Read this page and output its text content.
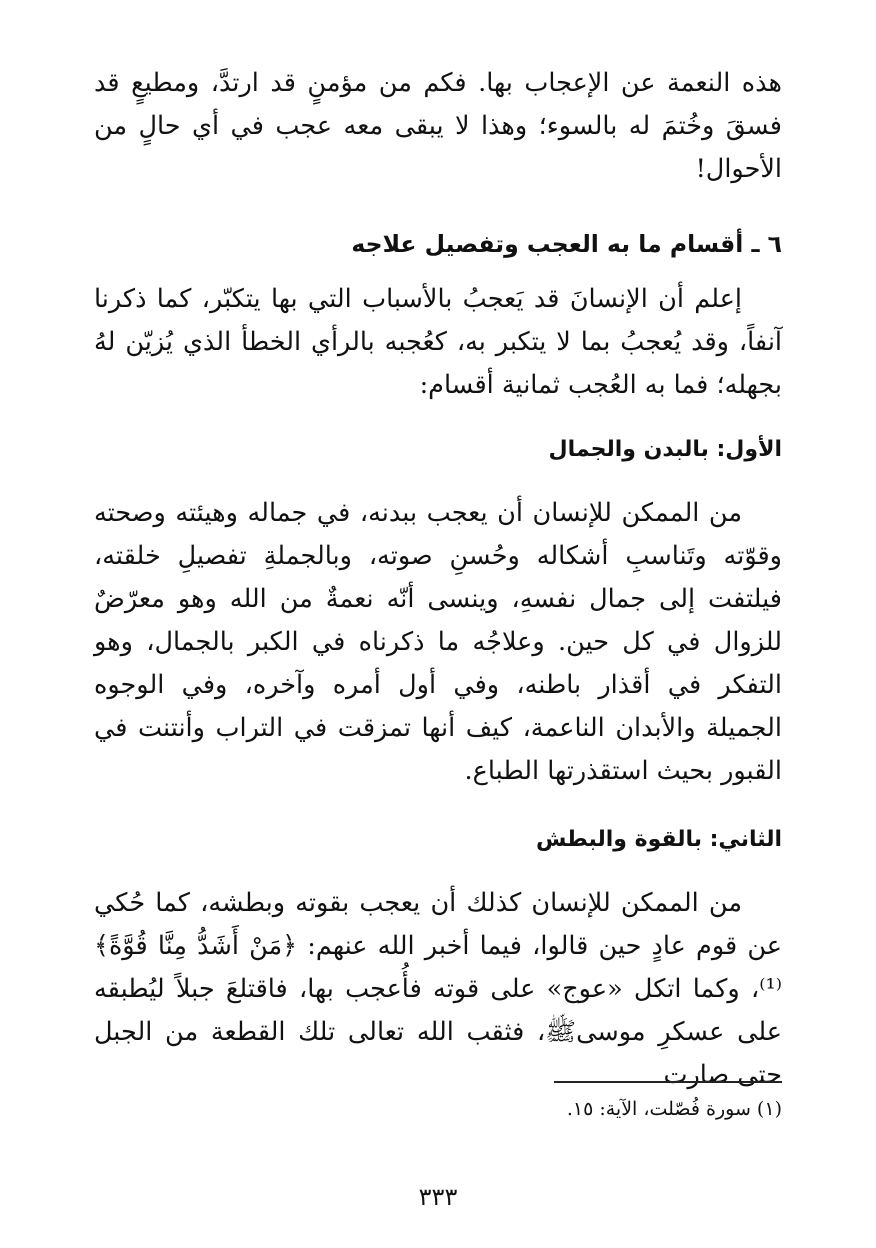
هذه النعمة عن الإعجاب بها. فكم من مؤمنٍ قد ارتدَّ، ومطيعٍ قد فسقَ وخُتمَ له بالسوء؛ وهذا لا يبقى معه عجب في أي حالٍ من الأحوال!

٦ ـ أقسام ما به العجب وتفصيل علاجه

إعلم أن الإنسانَ قد يَعجبُ بالأسباب التي بها يتكبّر، كما ذكرنا آنفاً، وقد يُعجبُ بما لا يتكبر به، كعُجبه بالرأي الخطأ الذي يُزيّن لهُ بجهله؛ فما به العُجب ثمانية أقسام:

الأول: بالبدن والجمال

من الممكن للإنسان أن يعجب ببدنه، في جماله وهيئته وصحته وقوّته وتَناسبِ أشكاله وحُسنِ صوته، وبالجملةِ تفصيلِ خلقته، فيلتفت إلى جمال نفسهِ، وينسى أنّه نعمةٌ من الله وهو معرّضٌ للزوال في كل حين. وعلاجُه ما ذكرناه في الكبر بالجمال، وهو التفكر في أقذار باطنه، وفي أول أمره وآخره، وفي الوجوه الجميلة والأبدان الناعمة، كيف أنها تمزقت في التراب وأنتنت في القبور بحيث استقذرتها الطباع.

الثاني: بالقوة والبطش

من الممكن للإنسان كذلك أن يعجب بقوته وبطشه، كما حُكي عن قوم عادٍ حين قالوا، فيما أخبر الله عنهم: ﴿مَنْ أَشَدُّ مِنَّا قُوَّةً﴾⁽¹⁾، وكما اتكل «عوج» على قوته فأُعجب بها، فاقتلعَ جبلاً ليُطبقه على عسكرِ موسىﷺ، فثقب الله تعالى تلك القطعة من الجبل حتى صارت

(١) سورة فُصّلت، الآية: ١٥.

٣٣٣
